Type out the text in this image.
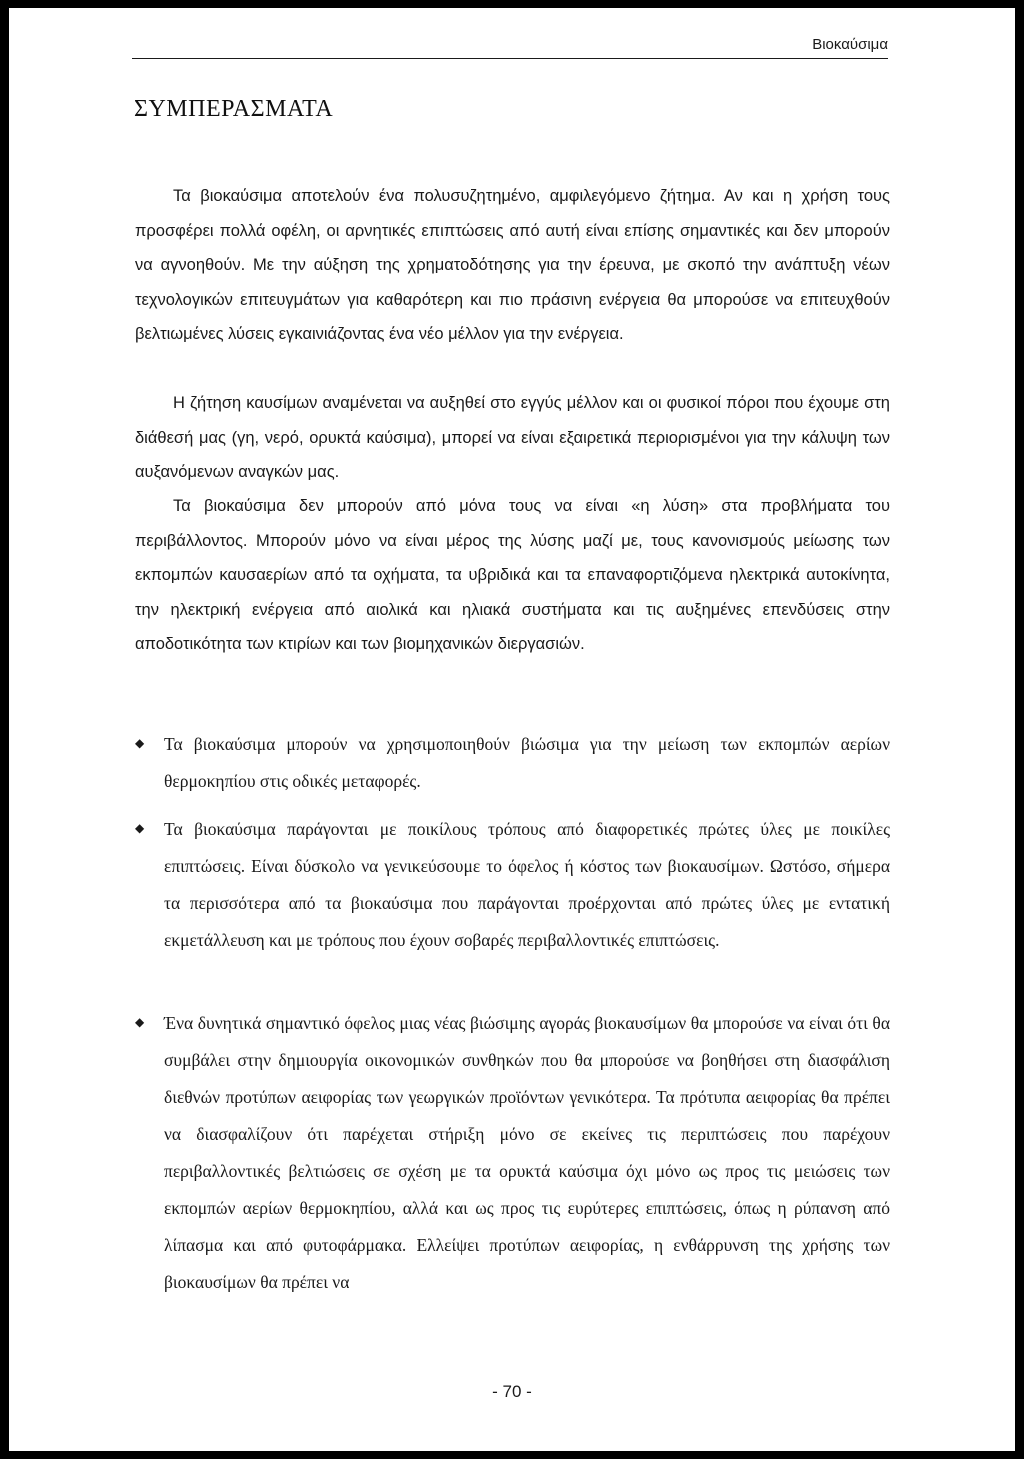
Βιοκαύσιμα
ΣΥΜΠΕΡΑΣΜΑΤΑ

Τα βιοκαύσιμα αποτελούν ένα πολυσυζητημένο, αμφιλεγόμενο ζήτημα. Αν και η χρήση τους προσφέρει πολλά οφέλη, οι αρνητικές επιπτώσεις από αυτή είναι επίσης σημαντικές και δεν μπορούν να αγνοηθούν. Με την αύξηση της χρηματοδότησης για την έρευνα, με σκοπό την ανάπτυξη νέων τεχνολογικών επιτευγμάτων για καθαρότερη και πιο πράσινη ενέργεια θα μπορούσε να επιτευχθούν βελτιωμένες λύσεις εγκαινιάζοντας ένα νέο μέλλον για την ενέργεια.

Η ζήτηση καυσίμων αναμένεται να αυξηθεί στο εγγύς μέλλον και οι φυσικοί πόροι που έχουμε στη διάθεσή μας (γη, νερό, ορυκτά καύσιμα), μπορεί να είναι εξαιρετικά περιορισμένοι για την κάλυψη των αυξανόμενων αναγκών μας.

Τα βιοκαύσιμα δεν μπορούν από μόνα τους να είναι «η λύση» στα προβλήματα του περιβάλλοντος. Μπορούν μόνο να είναι μέρος της λύσης μαζί με, τους κανονισμούς μείωσης των εκπομπών καυσαερίων από τα οχήματα, τα υβριδικά και τα επαναφορτιζόμενα ηλεκτρικά αυτοκίνητα, την ηλεκτρική ενέργεια από αιολικά και ηλιακά συστήματα και τις αυξημένες επενδύσεις στην αποδοτικότητα των κτιρίων και των βιομηχανικών διεργασιών.

◆ Τα βιοκαύσιμα μπορούν να χρησιμοποιηθούν βιώσιμα για την μείωση των εκπομπών αερίων θερμοκηπίου στις οδικές μεταφορές.
◆ Τα βιοκαύσιμα παράγονται με ποικίλους τρόπους από διαφορετικές πρώτες ύλες με ποικίλες επιπτώσεις. Είναι δύσκολο να γενικεύσουμε το όφελος ή κόστος των βιοκαυσίμων. Ωστόσο, σήμερα τα περισσότερα από τα βιοκαύσιμα που παράγονται προέρχονται από πρώτες ύλες με εντατική εκμετάλλευση και με τρόπους που έχουν σοβαρές περιβαλλοντικές επιπτώσεις.
◆ Ένα δυνητικά σημαντικό όφελος μιας νέας βιώσιμης αγοράς βιοκαυσίμων θα μπορούσε να είναι ότι θα συμβάλει στην δημιουργία οικονομικών συνθηκών που θα μπορούσε να βοηθήσει στη διασφάλιση διεθνών προτύπων αειφορίας των γεωργικών προϊόντων γενικότερα. Τα πρότυπα αειφορίας θα πρέπει να διασφαλίζουν ότι παρέχεται στήριξη μόνο σε εκείνες τις περιπτώσεις που παρέχουν περιβαλλοντικές βελτιώσεις σε σχέση με τα ορυκτά καύσιμα όχι μόνο ως προς τις μειώσεις των εκπομπών αερίων θερμοκηπίου, αλλά και ως προς τις ευρύτερες επιπτώσεις, όπως η ρύπανση από λίπασμα και από φυτοφάρμακα. Ελλείψει προτύπων αειφορίας, η ενθάρρυνση της χρήσης των βιοκαυσίμων θα πρέπει να
- 70 -
